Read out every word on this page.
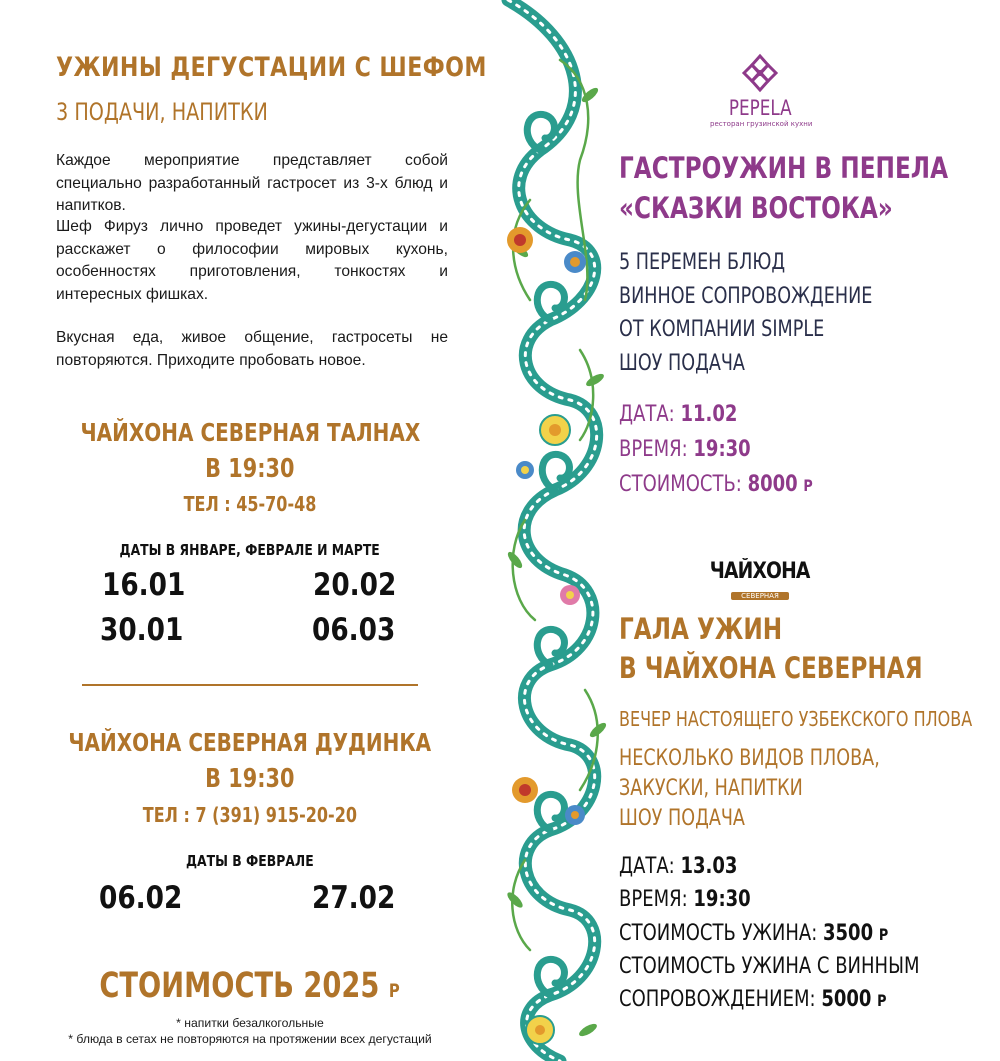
УЖИНЫ ДЕГУСТАЦИИ С ШЕФОМ
3 ПОДАЧИ, НАПИТКИ

Каждое мероприятие представляет собой специально разработанный гастросет из 3-х блюд и напитков.

Шеф Фируз лично проведет ужины-дегустации и расскажет о философии мировых кухонь, особенностях приготовления, тонкостях и интересных фишках.

Вкусная еда, живое общение, гастросеты не повторяются. Приходите пробовать новое.

ЧАЙХОНА СЕВЕРНАЯ ТАЛНАХ
В 19:30
ТЕЛ : 45-70-48
ДАТЫ В ЯНВАРЕ, ФЕВРАЛЕ И МАРТЕ
16.01	20.02
30.01	06.03
ЧАЙХОНА СЕВЕРНАЯ ДУДИНКА
В 19:30
ТЕЛ : 7 (391) 915-20-20
ДАТЫ В ФЕВРАЛЕ
06.02	27.02
СТОИМОСТЬ 2025 Р
* напитки безалкогольные
* блюда в сетах не повторяются на протяжении всех дегустаций
PEPELA
ресторан грузинской кухни
ГАСТРОУЖИН В ПЕПЕЛА
«СКАЗКИ ВОСТОКА»
5 ПЕРЕМЕН БЛЮД
ВИННОЕ СОПРОВОЖДЕНИЕ
ОТ КОМПАНИИ SIMPLE
ШОУ ПОДАЧА
ДАТА: 11.02
ВРЕМЯ: 19:30
СТОИМОСТЬ: 8000 Р
ЧАЙХОНА
СЕВЕРНАЯ
ГАЛА УЖИН
В ЧАЙХОНА СЕВЕРНАЯ
ВЕЧЕР НАСТОЯЩЕГО УЗБЕКСКОГО ПЛОВА
НЕСКОЛЬКО ВИДОВ ПЛОВА,
ЗАКУСКИ, НАПИТКИ
ШОУ ПОДАЧА
ДАТА: 13.03
ВРЕМЯ: 19:30
СТОИМОСТЬ УЖИНА: 3500 Р
СТОИМОСТЬ УЖИНА С ВИННЫМ
СОПРОВОЖДЕНИЕМ: 5000 Р
